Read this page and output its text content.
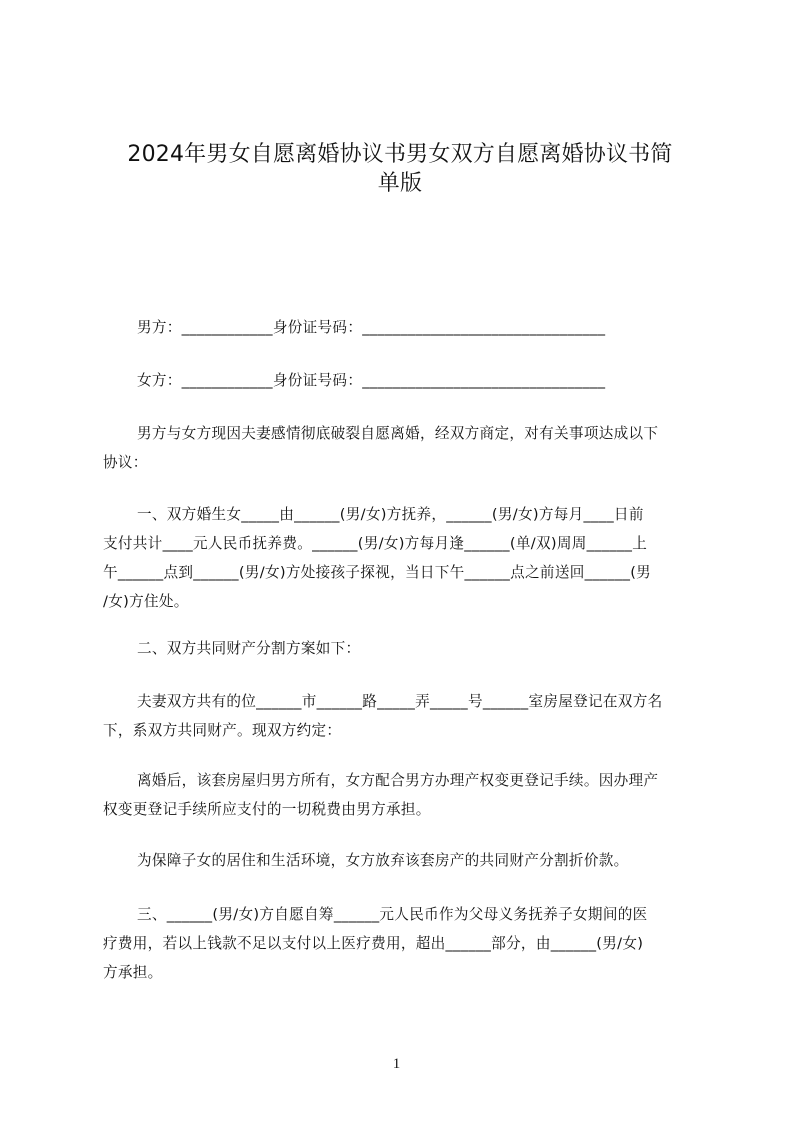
2024年男女自愿离婚协议书男女双方自愿离婚协议书简
单版
男方：____________身份证号码：________________________________
女方：____________身份证号码：________________________________
男方与女方现因夫妻感情彻底破裂自愿离婚，经双方商定，对有关事项达成以下
协议：
一、双方婚生女_____由______(男/女)方抚养，______(男/女)方每月____日前
支付共计____元人民币抚养费。______(男/女)方每月逢______(单/双)周周______上
午______点到______(男/女)方处接孩子探视，当日下午______点之前送回______(男
/女)方住处。
二、双方共同财产分割方案如下：
夫妻双方共有的位______市______路_____弄_____号______室房屋登记在双方名
下，系双方共同财产。现双方约定：
离婚后，该套房屋归男方所有，女方配合男方办理产权变更登记手续。因办理产
权变更登记手续所应支付的一切税费由男方承担。
为保障子女的居住和生活环境，女方放弃该套房产的共同财产分割折价款。
三、______(男/女)方自愿自筹______元人民币作为父母义务抚养子女期间的医
疗费用，若以上钱款不足以支付以上医疗费用，超出______部分，由______(男/女)
方承担。
1
